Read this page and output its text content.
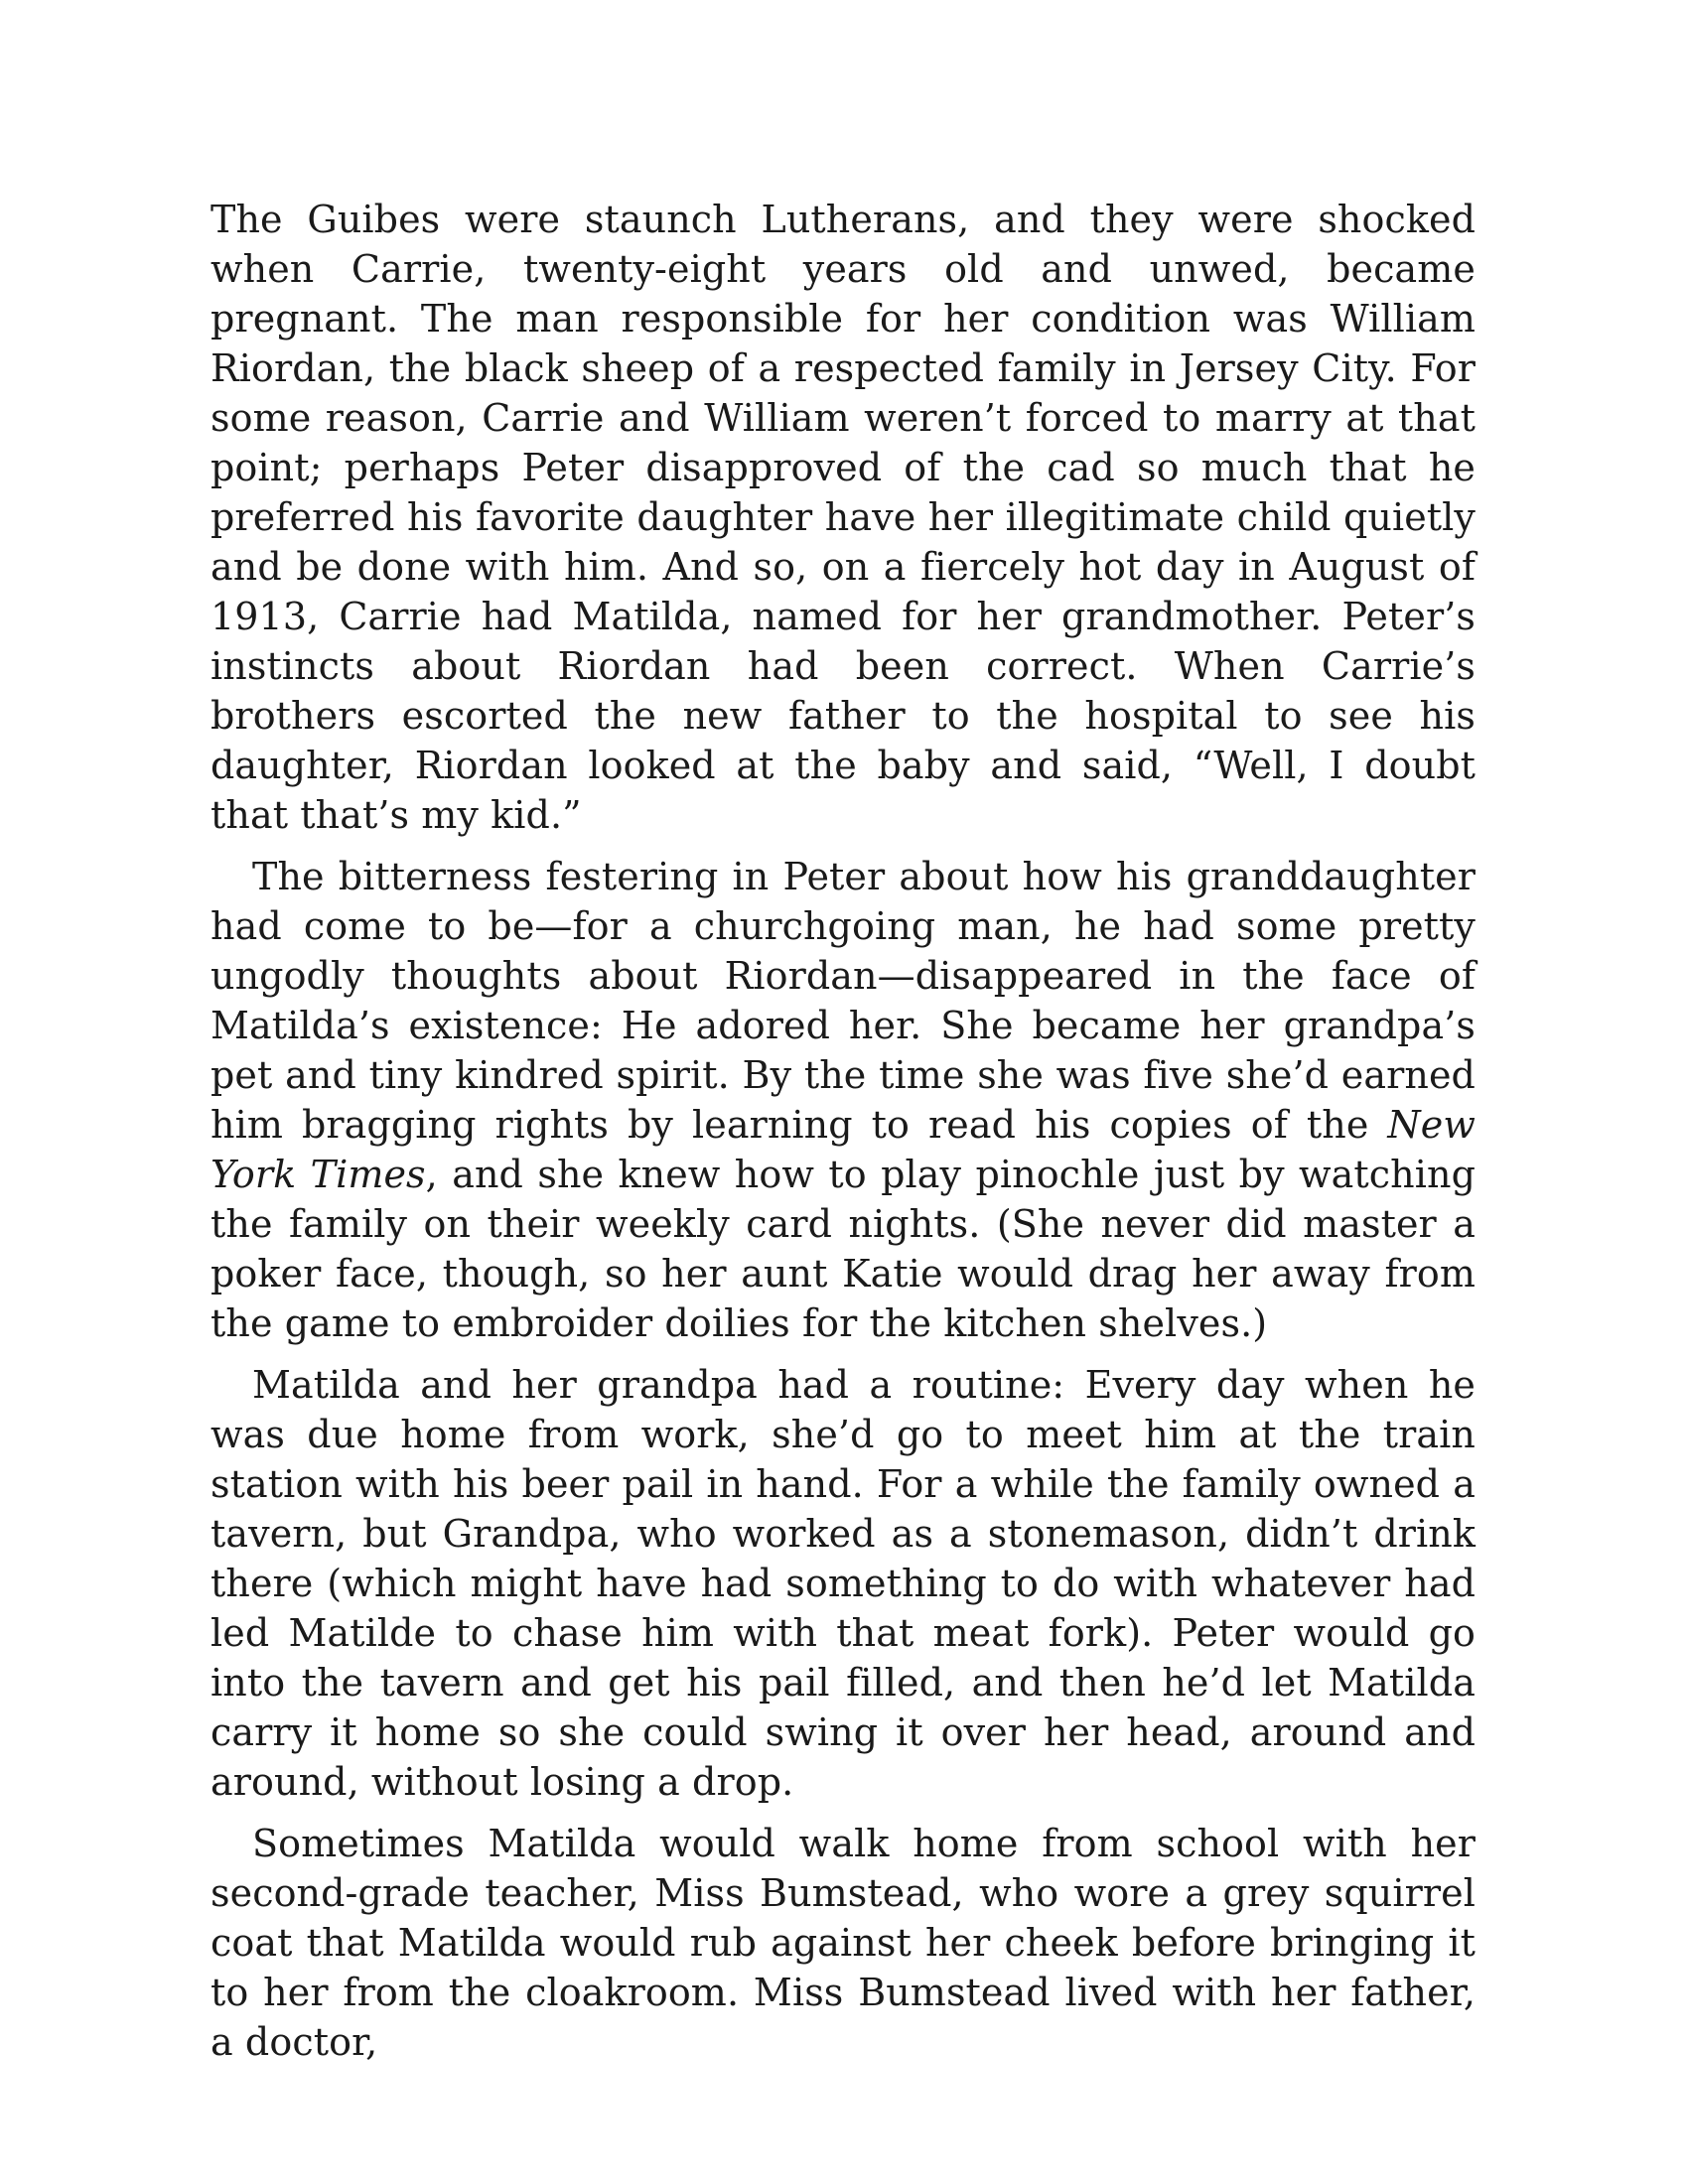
The Guibes were staunch Lutherans, and they were shocked when Carrie, twenty-eight years old and unwed, became pregnant. The man responsible for her condition was William Riordan, the black sheep of a respected family in Jersey City. For some reason, Carrie and William weren’t forced to marry at that point; perhaps Peter disapproved of the cad so much that he preferred his favorite daughter have her illegitimate child quietly and be done with him. And so, on a fiercely hot day in August of 1913, Carrie had Matilda, named for her grandmother. Peter’s instincts about Riordan had been correct. When Carrie’s brothers escorted the new father to the hospital to see his daughter, Riordan looked at the baby and said, “Well, I doubt that that’s my kid.”

The bitterness festering in Peter about how his granddaughter had come to be—for a churchgoing man, he had some pretty ungodly thoughts about Riordan—disappeared in the face of Matilda’s existence: He adored her. She became her grandpa’s pet and tiny kindred spirit. By the time she was five she’d earned him bragging rights by learning to read his copies of the New York Times, and she knew how to play pinochle just by watching the family on their weekly card nights. (She never did master a poker face, though, so her aunt Katie would drag her away from the game to embroider doilies for the kitchen shelves.)

Matilda and her grandpa had a routine: Every day when he was due home from work, she’d go to meet him at the train station with his beer pail in hand. For a while the family owned a tavern, but Grandpa, who worked as a stonemason, didn’t drink there (which might have had something to do with whatever had led Matilde to chase him with that meat fork). Peter would go into the tavern and get his pail filled, and then he’d let Matilda carry it home so she could swing it over her head, around and around, without losing a drop.

Sometimes Matilda would walk home from school with her second-grade teacher, Miss Bumstead, who wore a grey squirrel coat that Matilda would rub against her cheek before bringing it to her from the cloakroom. Miss Bumstead lived with her father, a doctor,
